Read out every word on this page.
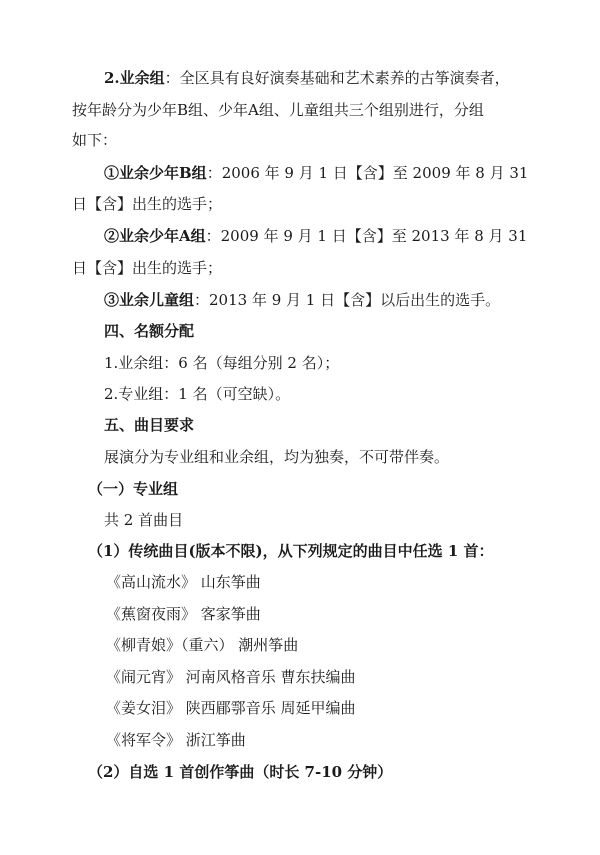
2.业余组：全区具有良好演奏基础和艺术素养的古筝演奏者，
按年龄分为少年B组、少年A组、儿童组共三个组别进行，分组
如下：
①业余少年B组：2006 年 9 月 1 日【含】至 2009 年 8 月 31
日【含】出生的选手；
②业余少年A组：2009 年 9 月 1 日【含】至 2013 年 8 月 31
日【含】出生的选手；
③业余儿童组：2013 年 9 月 1 日【含】以后出生的选手。
四、名额分配
1.业余组：6 名（每组分别 2 名）；
2.专业组：1 名（可空缺）。
五、曲目要求
展演分为专业组和业余组，均为独奏，不可带伴奏。
（一）专业组
共 2 首曲目
（1）传统曲目(版本不限)，从下列规定的曲目中任选 1 首：
《高山流水》 山东筝曲
《蕉窗夜雨》 客家筝曲
《柳青娘》（重六） 潮州筝曲
《闹元宵》 河南风格音乐 曹东扶编曲
《姜女泪》 陕西郿鄠音乐 周延甲编曲
《将军令》 浙江筝曲
（2）自选 1 首创作筝曲（时长 7-10 分钟）
